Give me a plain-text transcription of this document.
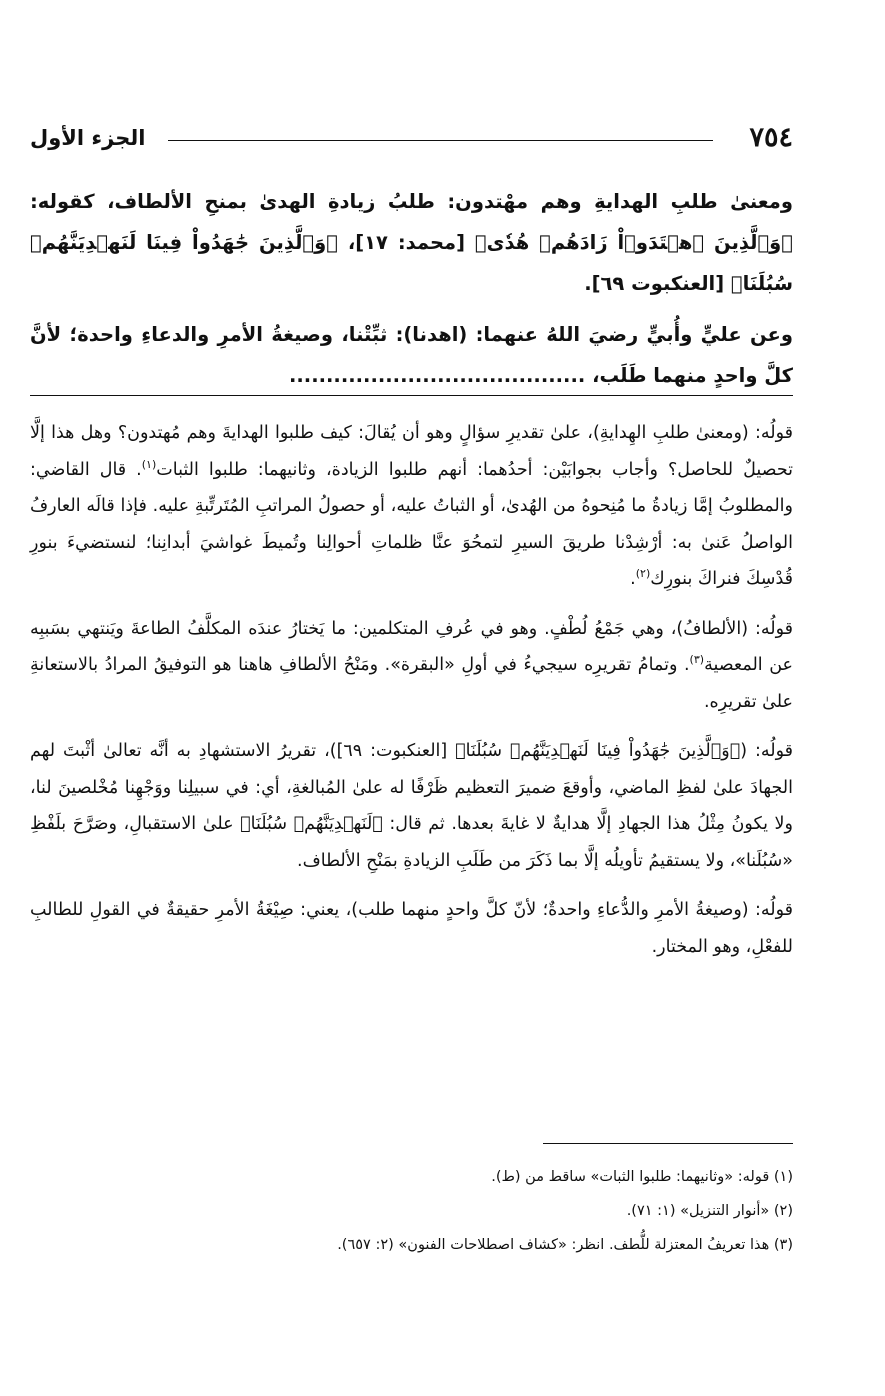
٧٥٤
الجزء الأول

ومعنىٰ طلبِ الهدايةِ وهم مهْتدون: طلبُ زيادةِ الهدىٰ بمنحِ الألطاف، كقوله: ﴿وَٱلَّذِينَ ٱهۡتَدَوۡاْ زَادَهُمۡ هُدٗى﴾ [محمد: ١٧]، ﴿وَٱلَّذِينَ جَٰهَدُواْ فِينَا لَنَهۡدِيَنَّهُمۡ سُبُلَنَا﴾ [العنكبوت ٦٩].

وعن عليٍّ وأُبيٍّ رضيَ اللهُ عنهما: (اهدنا): ثبِّتْنا، وصيغةُ الأمرِ والدعاءِ واحدة؛ لأنَّ كلَّ واحدٍ منهما طَلَب، ........................................

قولُه: (ومعنىٰ طلبِ الهِدايةِ)، علىٰ تقديرِ سؤالٍ وهو أن يُقالَ: كيف طلبوا الهدايةَ وهم مُهتدون؟ وهل هذا إلَّا تحصيلٌ للحاصل؟ وأجاب بجوابَيْن: أحدُهما: أنهم طلبوا الزيادة، وثانيهما: طلبوا الثبات$^{(١)}$. قال القاضي: والمطلوبُ إمَّا زيادةُ ما مُنِحوهُ من الهُدىٰ، أو الثباتُ عليه، أو حصولُ المراتبِ المُتَرتِّبةِ عليه. فإذا قالَه العارفُ الواصلُ عَنىٰ به: أرْشِدْنا طريقَ السيرِ لتمحُوَ عنَّا ظلماتِ أحوالِنا وتُميطَ غواشيَ أبدانِنا؛ لنستضيءَ بنورِ قُدْسِكَ فنراكَ بنورِك$^{(٢)}$.

قولُه: (الألطافُ)، وهي جَمْعُ لُطْفٍ. وهو في عُرفِ المتكلمين: ما يَختارُ عندَه المكلَّفُ الطاعةَ ويَنتهي بسَببِه عن المعصية$^{(٣)}$. وتمامُ تقريرِه سيجيءُ في أولِ «البقرة». ومَنْحُ الألطافِ هاهنا هو التوفيقُ المرادُ بالاستعانةِ علىٰ تقريرِه.

قولُه: (﴿وَٱلَّذِينَ جَٰهَدُواْ فِينَا لَنَهۡدِيَنَّهُمۡ سُبُلَنَا﴾ [العنكبوت: ٦٩])، تقريرُ الاستشهادِ به أنَّه تعالىٰ أثْبتَ لهم الجهادَ علىٰ لفظِ الماضي، وأوقعَ ضميرَ التعظيم ظَرْفًا له علىٰ المُبالغةِ، أي: في سبيلِنا ووَجْهِنا مُخْلصينَ لنا، ولا يكونُ مِثْلُ هذا الجهادِ إلَّا هدايةٌ لا غايةَ بعدها. ثم قال: ﴿لَنَهۡدِيَنَّهُمۡ سُبُلَنَا﴾ علىٰ الاستقبالِ، وصَرَّحَ بلَفْظِ «سُبُلَنا»، ولا يستقيمُ تأويلُه إلَّا بما ذَكَرَ من طَلَبِ الزيادةِ بمَنْحِ الألطاف.

قولُه: (وصيغةُ الأمرِ والدُّعاءِ واحدةٌ؛ لأنّ كلَّ واحدٍ منهما طلب)، يعني: صِيْغَةُ الأمرِ حقيقةٌ في القولِ للطالبِ للفعْلِ، وهو المختار.

(١) قوله: «وثانيهما: طلبوا الثبات» ساقط من (ط).

(٢) «أنوار التنزيل» (١: ٧١).

(٣) هذا تعريفُ المعتزلة للُّطف. انظر: «كشاف اصطلاحات الفنون» (٢: ٦٥٧).
